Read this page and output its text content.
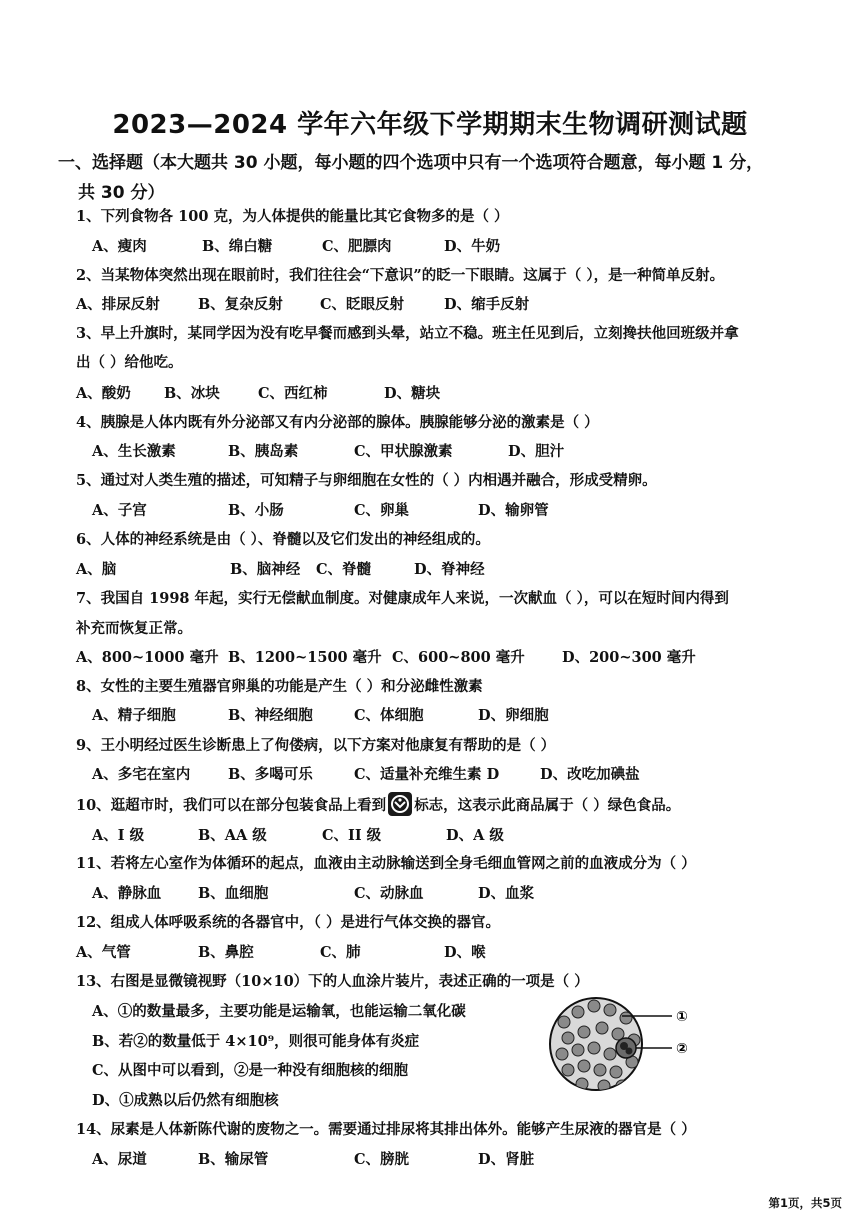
2023—2024 学年六年级下学期期末生物调研测试题
一、选择题（本大题共 30 小题，每小题的四个选项中只有一个选项符合题意，每小题 1 分，
共 30 分）
1、下列食物各 100 克，为人体提供的能量比其它食物多的是（ ）
A、瘦肉	B、绵白糖	C、肥膘肉	D、牛奶
2、当某物体突然出现在眼前时，我们往往会“下意识”的眨一下眼睛。这属于（ ），是一种简单反射。
A、排尿反射	B、复杂反射	C、眨眼反射	D、缩手反射
3、早上升旗时，某同学因为没有吃早餐而感到头晕，站立不稳。班主任见到后，立刻搀扶他回班级并拿
出（ ）给他吃。
A、酸奶 B、冰块	C、西红柿	D、糖块
4、胰腺是人体内既有外分泌部又有内分泌部的腺体。胰腺能够分泌的激素是（ ）
A、生长激素	B、胰岛素	C、甲状腺激素	D、胆汁
5、通过对人类生殖的描述，可知精子与卵细胞在女性的（ ）内相遇并融合，形成受精卵。
A、子宫	B、小肠	C、卵巢	D、输卵管
6、人体的神经系统是由（ ）、脊髓以及它们发出的神经组成的。
A、脑	B、脑神经 C、脊髓	D、脊神经
7、我国自 1998 年起，实行无偿献血制度。对健康成年人来说，一次献血（ ），可以在短时间内得到
补充而恢复正常。
A、800~1000 毫升 B、1200~1500 毫升 C、600~800 毫升	D、200~300 毫升
8、女性的主要生殖器官卵巢的功能是产生（ ）和分泌雌性激素
A、精子细胞	B、神经细胞	C、体细胞	D、卵细胞
9、王小明经过医生诊断患上了佝偻病，以下方案对他康复有帮助的是（ ）
A、多宅在室内	B、多喝可乐	C、适量补充维生素 D	D、改吃加碘盐
10、逛超市时，我们可以在部分包装食品上看到 标志，这表示此商品属于（ ）绿色食品。
A、I 级	B、AA 级	C、II 级	D、A 级
11、若将左心室作为体循环的起点，血液由主动脉输送到全身毛细血管网之前的血液成分为（ ）
A、静脉血	B、血细胞	C、动脉血	D、血浆
12、组成人体呼吸系统的各器官中，（ ）是进行气体交换的器官。
A、气管	B、鼻腔	C、肺	D、喉
13、右图是显微镜视野（10×10）下的人血涂片装片，表述正确的一项是（ ）
A、①的数量最多，主要功能是运输氧，也能运输二氧化碳
B、若②的数量低于 4×10⁹，则很可能身体有炎症
C、从图中可以看到，②是一种没有细胞核的细胞
D、①成熟以后仍然有细胞核
①
②
14、尿素是人体新陈代谢的废物之一。需要通过排尿将其排出体外。能够产生尿液的器官是（ ）
A、尿道	B、输尿管	C、膀胱	D、肾脏
第1页，共5页
